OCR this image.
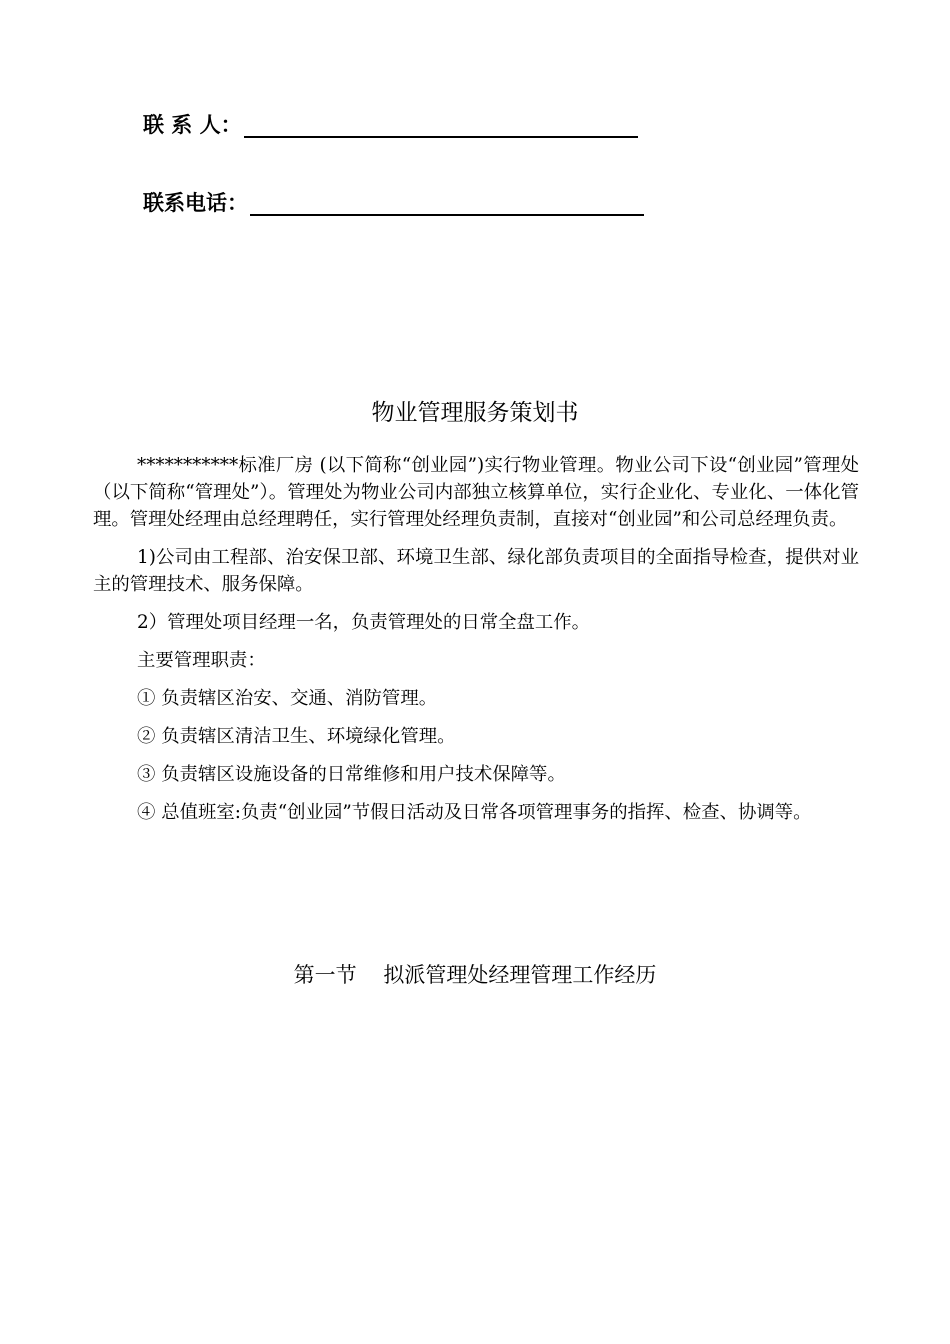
联 系 人：
联系电话：
物业管理服务策划书

***********标准厂房 (以下简称“创业园”)实行物业管理。物业公司下设“创业园”管理处（以下简称“管理处”）。管理处为物业公司内部独立核算单位，实行企业化、专业化、一体化管理。管理处经理由总经理聘任，实行管理处经理负责制，直接对“创业园”和公司总经理负责。

1)公司由工程部、治安保卫部、环境卫生部、绿化部负责项目的全面指导检查，提供对业主的管理技术、服务保障。

2）管理处项目经理一名，负责管理处的日常全盘工作。

主要管理职责：

① 负责辖区治安、交通、消防管理。

② 负责辖区清洁卫生、环境绿化管理。

③ 负责辖区设施设备的日常维修和用户技术保障等。

④ 总值班室:负责“创业园”节假日活动及日常各项管理事务的指挥、检查、协调等。

第一节    拟派管理处经理管理工作经历
